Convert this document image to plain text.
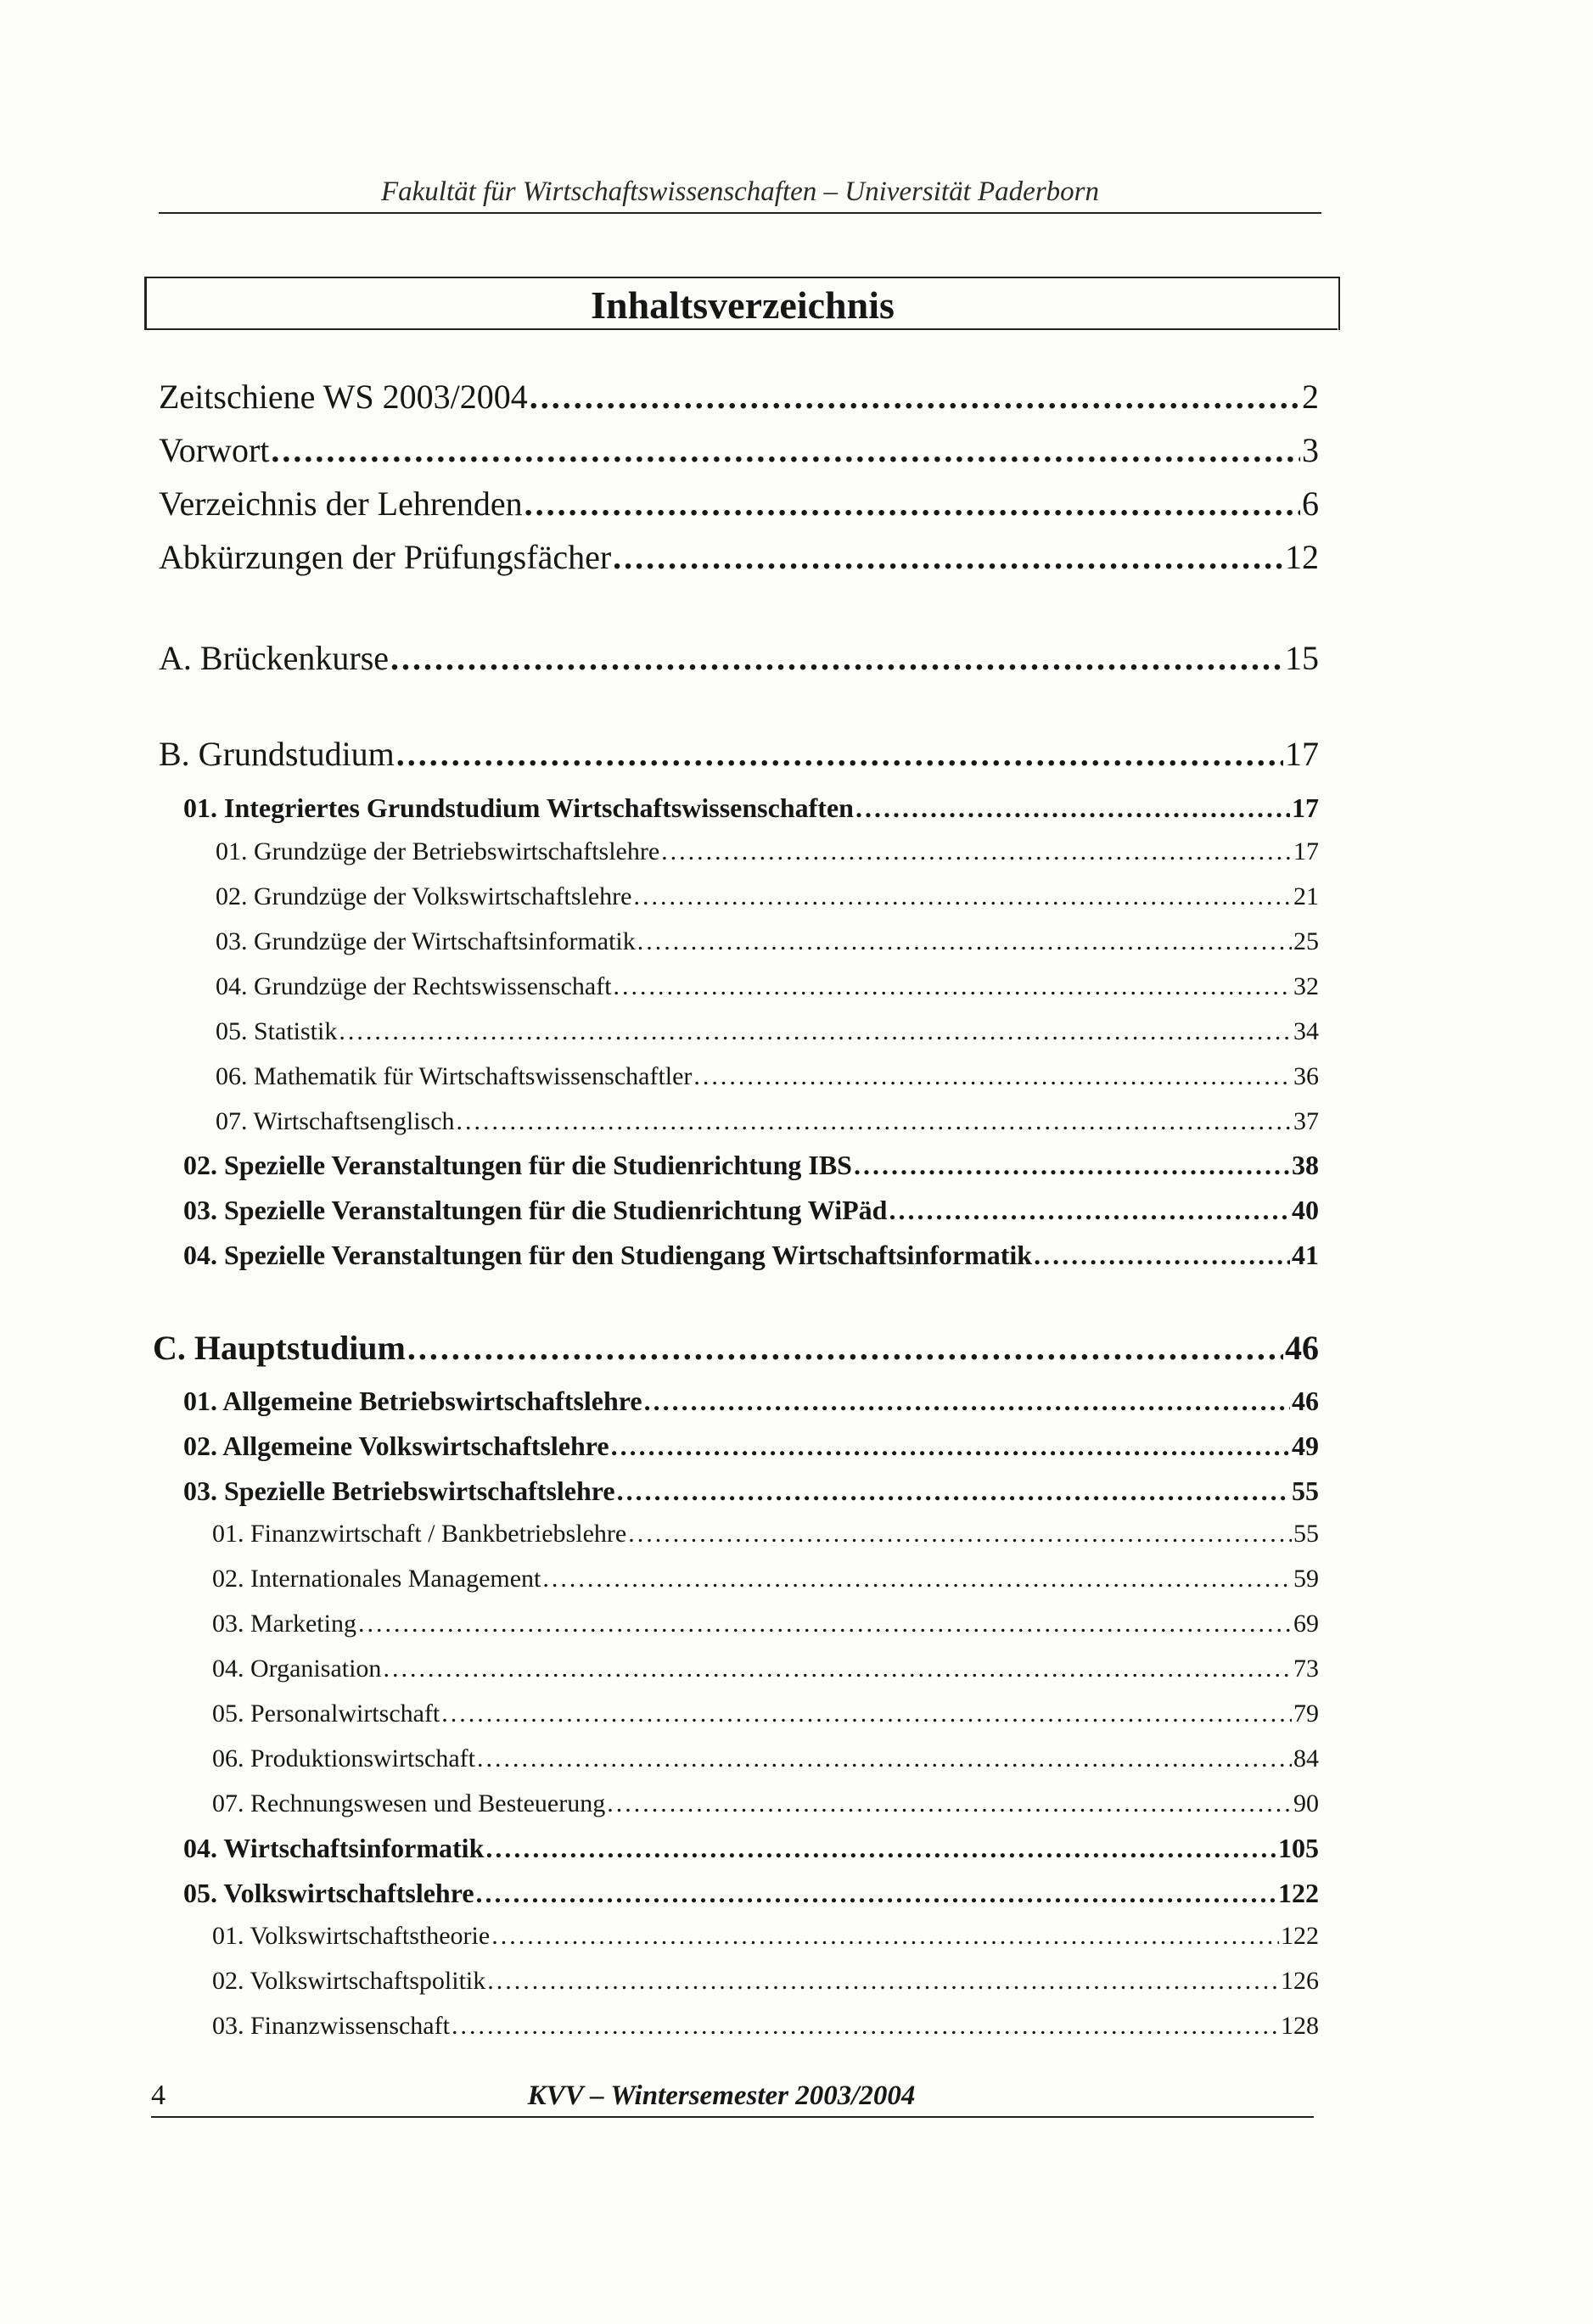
Fakultät für Wirtschaftswissenschaften – Universität Paderborn
Inhaltsverzeichnis
Zeitschiene WS 2003/2004 .....	2
Vorwort .....	3
Verzeichnis der Lehrenden .....	6
Abkürzungen der Prüfungsfächer .....	12
A. Brückenkurse .....	15
B. Grundstudium .....	17
01. Integriertes Grundstudium Wirtschaftswissenschaften .....	17
01. Grundzüge der Betriebswirtschaftslehre .....	17
02. Grundzüge der Volkswirtschaftslehre .....	21
03. Grundzüge der Wirtschaftsinformatik .....	25
04. Grundzüge der Rechtswissenschaft .....	32
05. Statistik .....	34
06. Mathematik für Wirtschaftswissenschaftler .....	36
07. Wirtschaftsenglisch .....	37
02. Spezielle Veranstaltungen für die Studienrichtung IBS .....	38
03. Spezielle Veranstaltungen für die Studienrichtung WiPäd .....	40
04. Spezielle Veranstaltungen für den Studiengang Wirtschaftsinformatik .....	41
C. Hauptstudium .....	46
01. Allgemeine Betriebswirtschaftslehre .....	46
02. Allgemeine Volkswirtschaftslehre .....	49
03. Spezielle Betriebswirtschaftslehre .....	55
01. Finanzwirtschaft / Bankbetriebslehre .....	55
02. Internationales Management .....	59
03. Marketing .....	69
04. Organisation .....	73
05. Personalwirtschaft .....	79
06. Produktionswirtschaft .....	84
07. Rechnungswesen und Besteuerung .....	90
04. Wirtschaftsinformatik .....	105
05. Volkswirtschaftslehre .....	122
01. Volkswirtschaftstheorie .....	122
02. Volkswirtschaftspolitik .....	126
03. Finanzwissenschaft .....	128
4	KVV – Wintersemester 2003/2004
